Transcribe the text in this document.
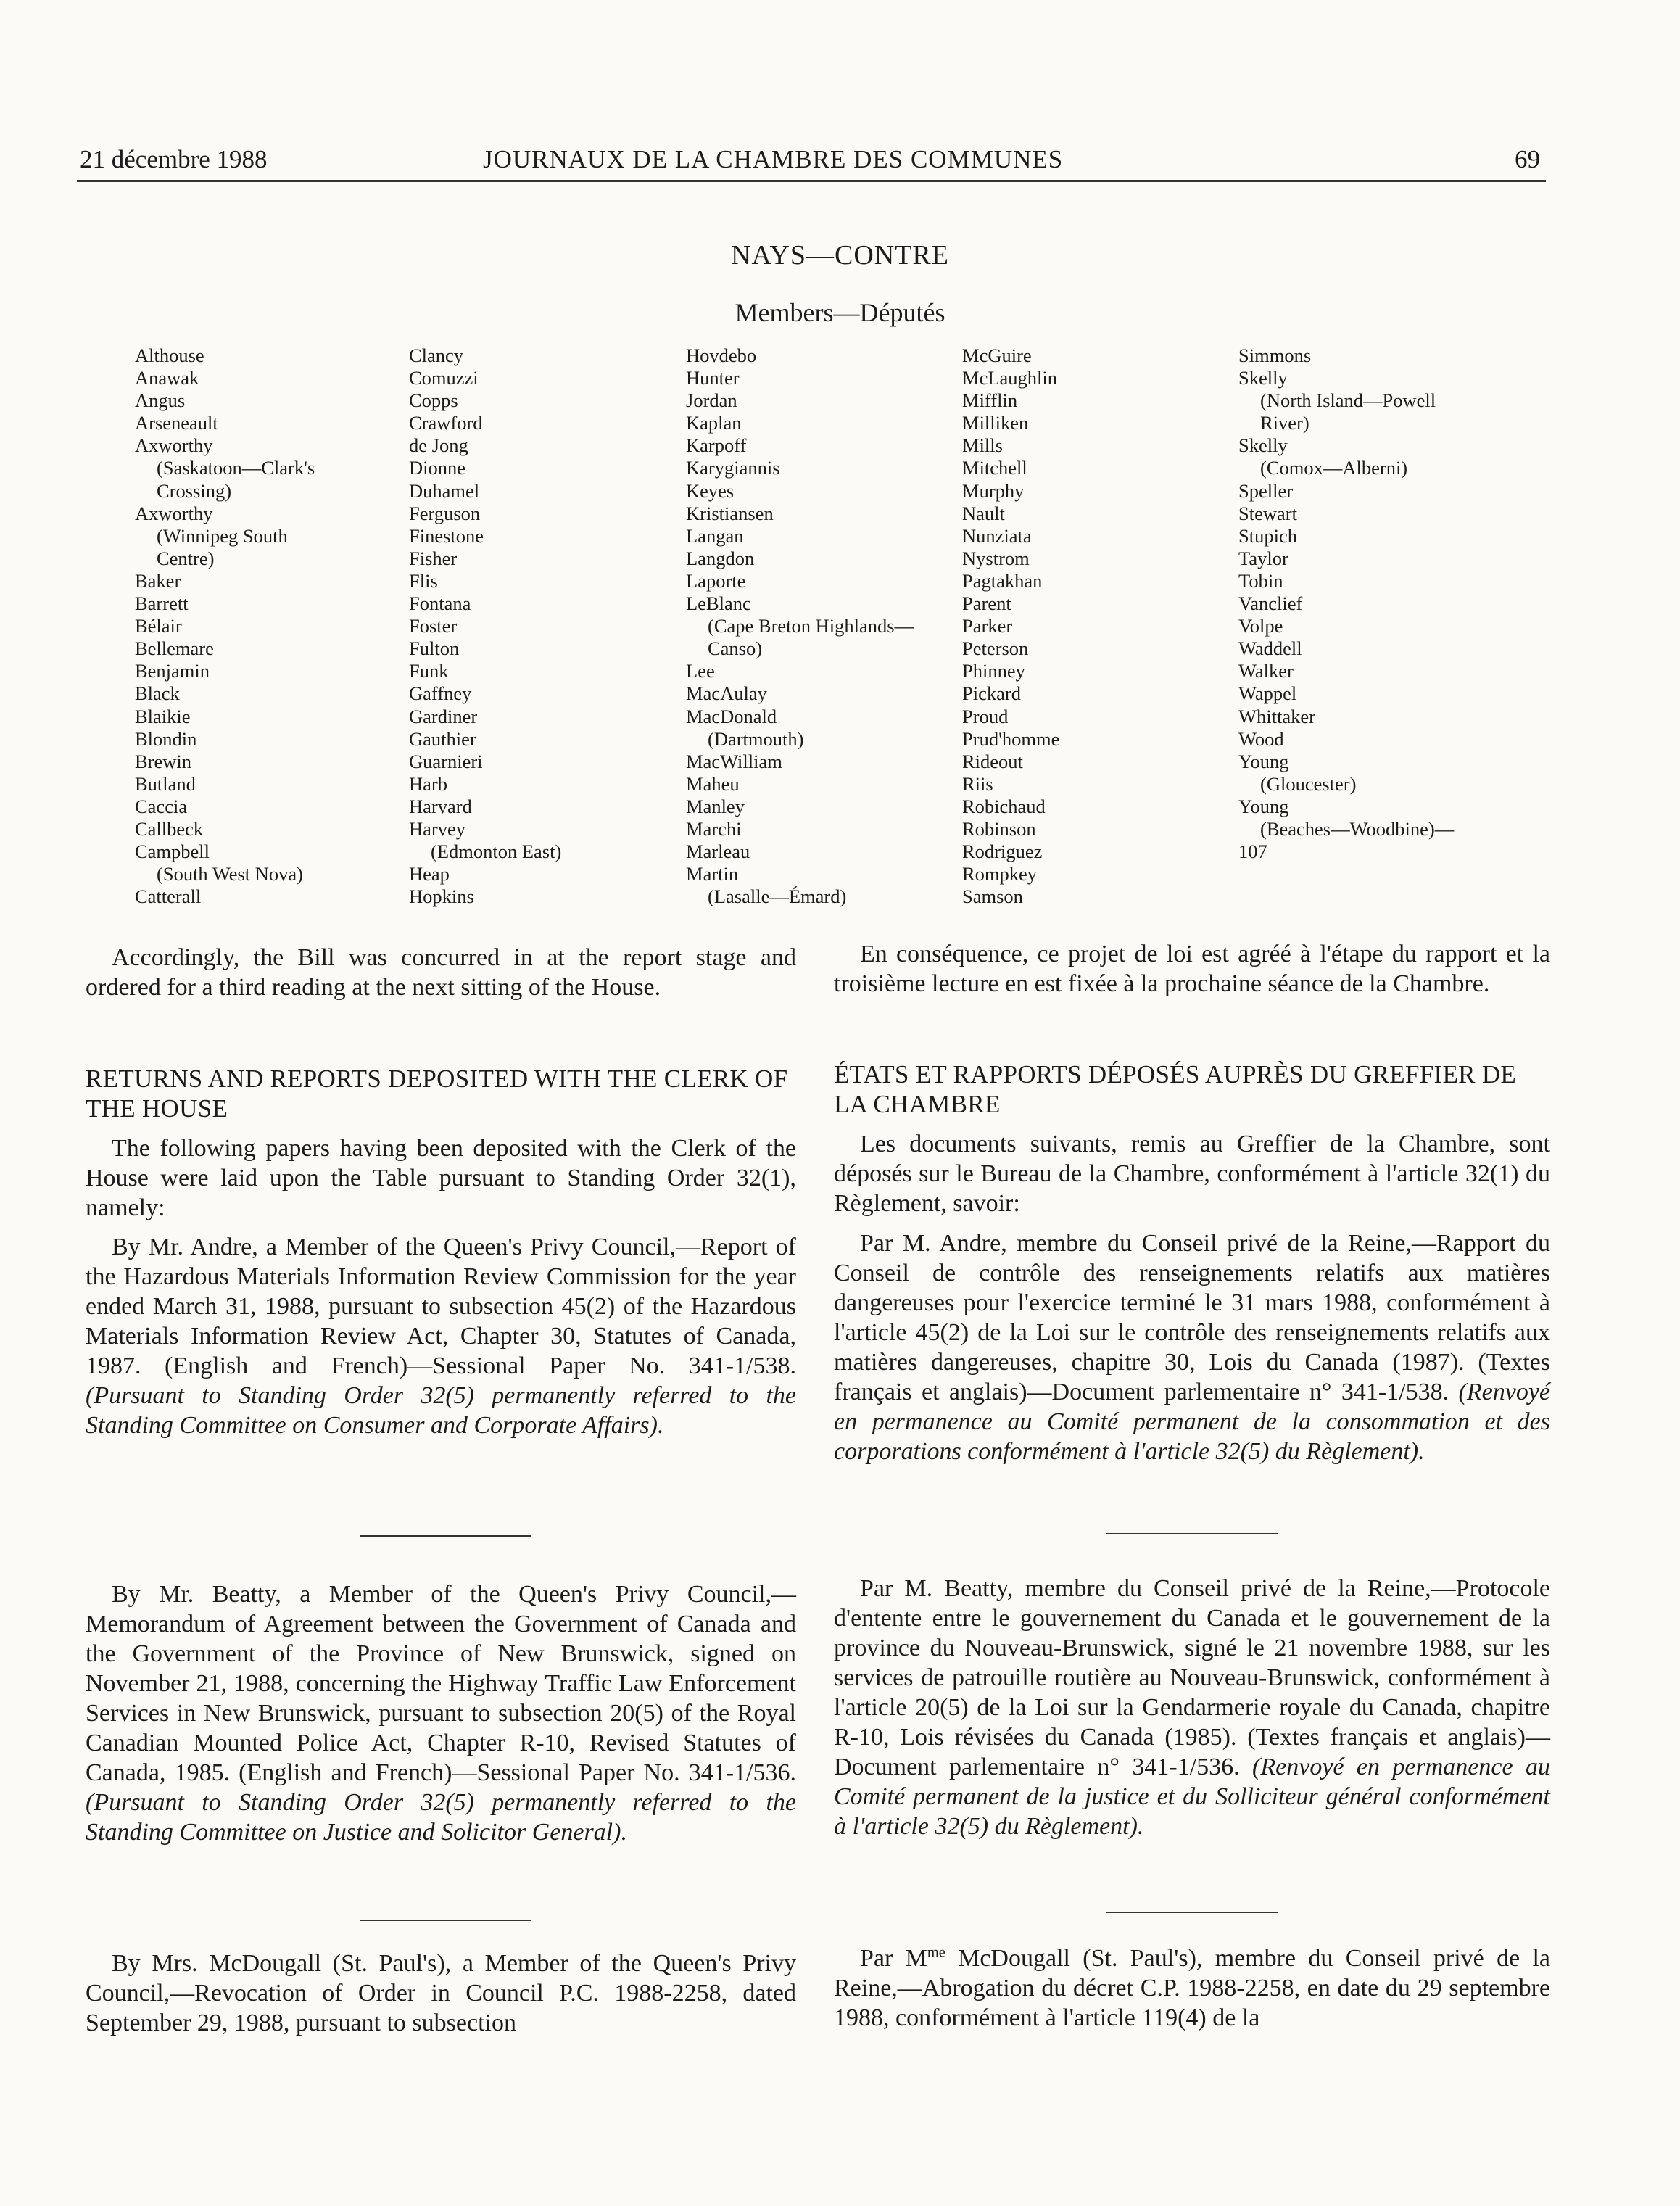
21 décembre 1988	JOURNAUX DE LA CHAMBRE DES COMMUNES	69
NAYS—CONTRE
Members—Députés
Althouse
Anawak
Angus
Arseneault
Axworthy
(Saskatoon—Clark's
Crossing)
Axworthy
(Winnipeg South
Centre)
Baker
Barrett
Bélair
Bellemare
Benjamin
Black
Blaikie
Blondin
Brewin
Butland
Caccia
Callbeck
Campbell
(South West Nova)
Catterall
Clancy
Comuzzi
Copps
Crawford
de Jong
Dionne
Duhamel
Ferguson
Finestone
Fisher
Flis
Fontana
Foster
Fulton
Funk
Gaffney
Gardiner
Gauthier
Guarnieri
Harb
Harvard
Harvey
(Edmonton East)
Heap
Hopkins
Hovdebo
Hunter
Jordan
Kaplan
Karpoff
Karygiannis
Keyes
Kristiansen
Langan
Langdon
Laporte
LeBlanc
(Cape Breton Highlands—
Canso)
Lee
MacAulay
MacDonald
(Dartmouth)
MacWilliam
Maheu
Manley
Marchi
Marleau
Martin
(Lasalle—Émard)
McGuire
McLaughlin
Mifflin
Milliken
Mills
Mitchell
Murphy
Nault
Nunziata
Nystrom
Pagtakhan
Parent
Parker
Peterson
Phinney
Pickard
Proud
Prud'homme
Rideout
Riis
Robichaud
Robinson
Rodriguez
Rompkey
Samson
Simmons
Skelly
(North Island—Powell
River)
Skelly
(Comox—Alberni)
Speller
Stewart
Stupich
Taylor
Tobin
Vanclief
Volpe
Waddell
Walker
Wappel
Whittaker
Wood
Young
(Gloucester)
Young
(Beaches—Woodbine)—
107

Accordingly, the Bill was concurred in at the report stage and ordered for a third reading at the next sitting of the House.

RETURNS AND REPORTS DEPOSITED WITH THE CLERK OF THE HOUSE

The following papers having been deposited with the Clerk of the House were laid upon the Table pursuant to Standing Order 32(1), namely:

By Mr. Andre, a Member of the Queen's Privy Council,—Report of the Hazardous Materials Information Review Commission for the year ended March 31, 1988, pursuant to subsection 45(2) of the Hazardous Materials Information Review Act, Chapter 30, Statutes of Canada, 1987. (English and French)—Sessional Paper No. 341-1/538. (Pursuant to Standing Order 32(5) permanently referred to the Standing Committee on Consumer and Corporate Affairs).

By Mr. Beatty, a Member of the Queen's Privy Council,—Memorandum of Agreement between the Government of Canada and the Government of the Province of New Brunswick, signed on November 21, 1988, concerning the Highway Traffic Law Enforcement Services in New Brunswick, pursuant to subsection 20(5) of the Royal Canadian Mounted Police Act, Chapter R-10, Revised Statutes of Canada, 1985. (English and French)—Sessional Paper No. 341-1/536. (Pursuant to Standing Order 32(5) permanently referred to the Standing Committee on Justice and Solicitor General).

By Mrs. McDougall (St. Paul's), a Member of the Queen's Privy Council,—Revocation of Order in Council P.C. 1988-2258, dated September 29, 1988, pursuant to subsection

En conséquence, ce projet de loi est agréé à l'étape du rapport et la troisième lecture en est fixée à la prochaine séance de la Chambre.

ÉTATS ET RAPPORTS DÉPOSÉS AUPRÈS DU GREFFIER DE LA CHAMBRE

Les documents suivants, remis au Greffier de la Chambre, sont déposés sur le Bureau de la Chambre, conformément à l'article 32(1) du Règlement, savoir:

Par M. Andre, membre du Conseil privé de la Reine,—Rapport du Conseil de contrôle des renseignements relatifs aux matières dangereuses pour l'exercice terminé le 31 mars 1988, conformément à l'article 45(2) de la Loi sur le contrôle des renseignements relatifs aux matières dangereuses, chapitre 30, Lois du Canada (1987). (Textes français et anglais)—Document parlementaire n° 341-1/538. (Renvoyé en permanence au Comité permanent de la consommation et des corporations conformément à l'article 32(5) du Règlement).

Par M. Beatty, membre du Conseil privé de la Reine,—Protocole d'entente entre le gouvernement du Canada et le gouvernement de la province du Nouveau-Brunswick, signé le 21 novembre 1988, sur les services de patrouille routière au Nouveau-Brunswick, conformément à l'article 20(5) de la Loi sur la Gendarmerie royale du Canada, chapitre R-10, Lois révisées du Canada (1985). (Textes français et anglais)—Document parlementaire n° 341-1/536. (Renvoyé en permanence au Comité permanent de la justice et du Solliciteur général conformément à l'article 32(5) du Règlement).

Par $M^{me}$ McDougall (St. Paul's), membre du Conseil privé de la Reine,—Abrogation du décret C.P. 1988-2258, en date du 29 septembre 1988, conformément à l'article 119(4) de la
